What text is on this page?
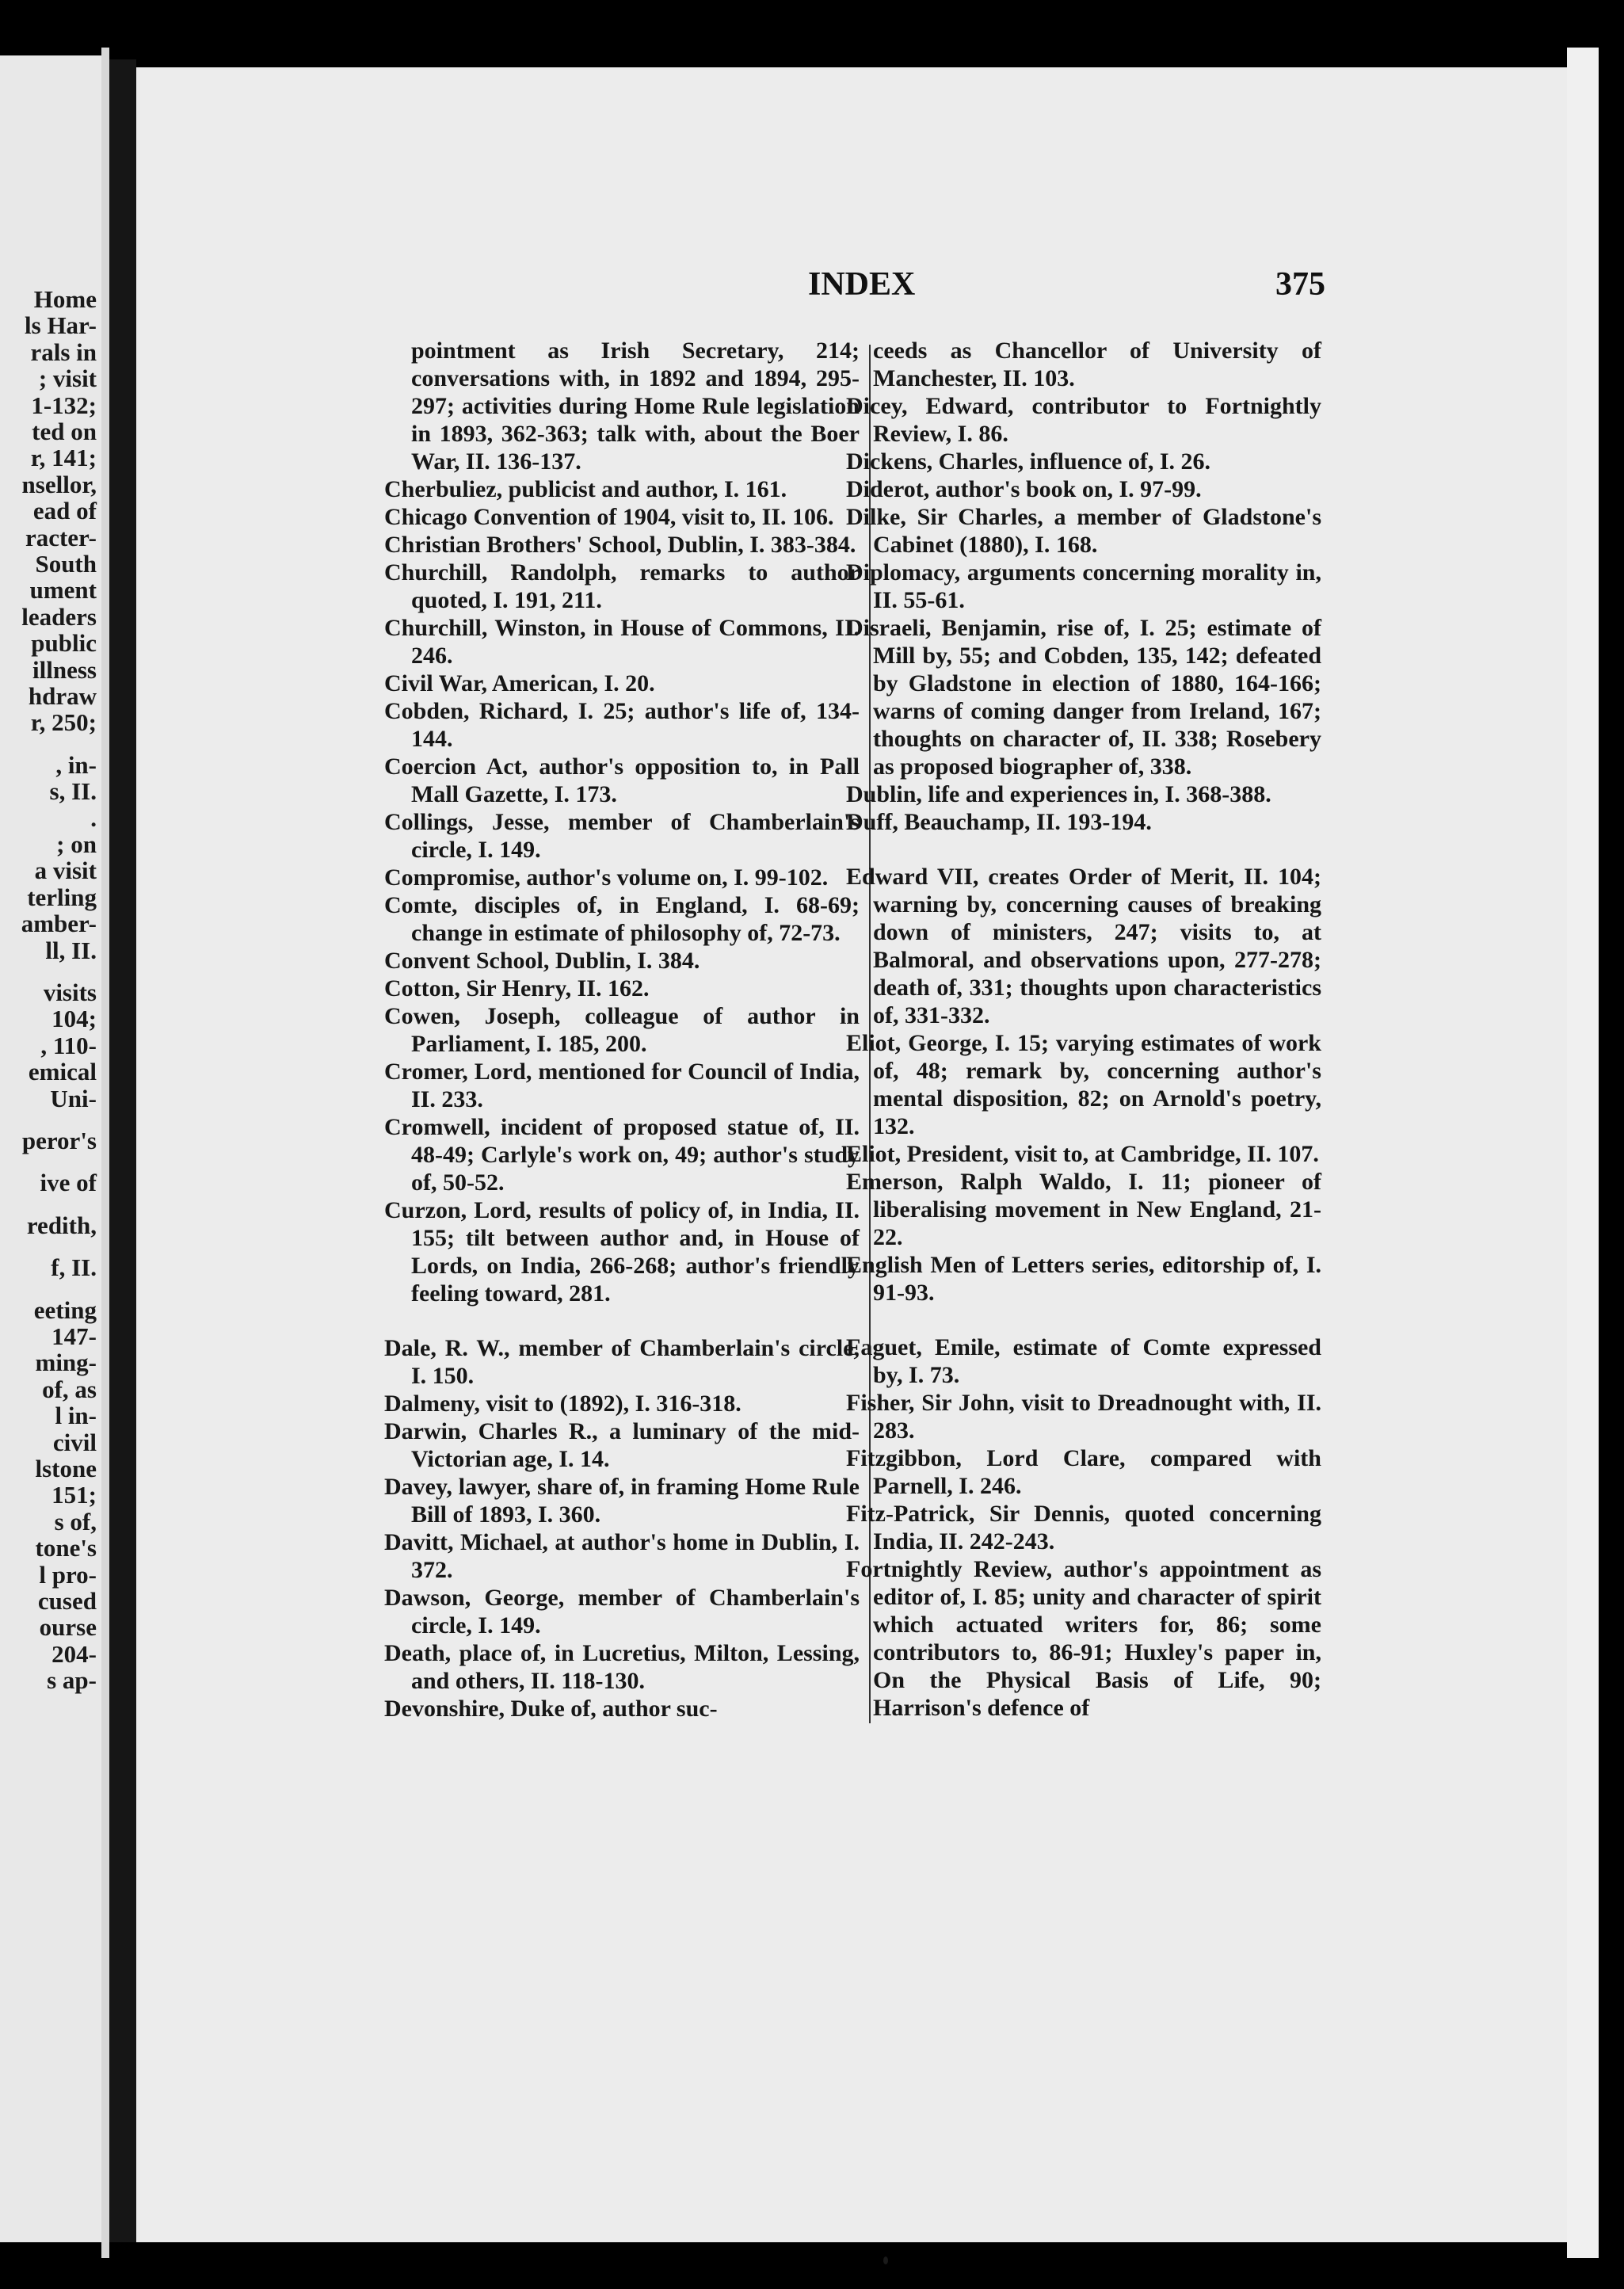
Home
ls Har-
rals in
; visit
1-132;
ted on
r, 141;
nsellor,
ead of
racter-
South
ument
leaders
public
illness
hdraw
r, 250;
, in-
s, II.
.
; on
a visit
terling
amber-
ll, II.
visits
104;
, 110-
emical
Uni-
peror's
ive of
redith,
f, II.
eeting
147-
ming-
of, as
l in-
civil
lstone
151;
s of,
tone's
l pro-
cused
ourse
204-
s ap-
INDEX	375
pointment as Irish Secretary, 214; conversations with, in 1892 and 1894, 295-297; activities during Home Rule legislation in 1893, 362-363; talk with, about the Boer War, II. 136-137.
Cherbuliez, publicist and author, I. 161.
Chicago Convention of 1904, visit to, II. 106.
Christian Brothers' School, Dublin, I. 383-384.
Churchill, Randolph, remarks to author quoted, I. 191, 211.
Churchill, Winston, in House of Commons, II. 246.
Civil War, American, I. 20.
Cobden, Richard, I. 25; author's life of, 134-144.
Coercion Act, author's opposition to, in Pall Mall Gazette, I. 173.
Collings, Jesse, member of Chamberlain's circle, I. 149.
Compromise, author's volume on, I. 99-102.
Comte, disciples of, in England, I. 68-69; change in estimate of philosophy of, 72-73.
Convent School, Dublin, I. 384.
Cotton, Sir Henry, II. 162.
Cowen, Joseph, colleague of author in Parliament, I. 185, 200.
Cromer, Lord, mentioned for Council of India, II. 233.
Cromwell, incident of proposed statue of, II. 48-49; Carlyle's work on, 49; author's study of, 50-52.
Curzon, Lord, results of policy of, in India, II. 155; tilt between author and, in House of Lords, on India, 266-268; author's friendly feeling toward, 281.
Dale, R. W., member of Chamberlain's circle, I. 150.
Dalmeny, visit to (1892), I. 316-318.
Darwin, Charles R., a luminary of the mid-Victorian age, I. 14.
Davey, lawyer, share of, in framing Home Rule Bill of 1893, I. 360.
Davitt, Michael, at author's home in Dublin, I. 372.
Dawson, George, member of Chamberlain's circle, I. 149.
Death, place of, in Lucretius, Milton, Lessing, and others, II. 118-130.
Devonshire, Duke of, author suc-
ceeds as Chancellor of University of Manchester, II. 103.
Dicey, Edward, contributor to Fortnightly Review, I. 86.
Dickens, Charles, influence of, I. 26.
Diderot, author's book on, I. 97-99.
Dilke, Sir Charles, a member of Gladstone's Cabinet (1880), I. 168.
Diplomacy, arguments concerning morality in, II. 55-61.
Disraeli, Benjamin, rise of, I. 25; estimate of Mill by, 55; and Cobden, 135, 142; defeated by Gladstone in election of 1880, 164-166; warns of coming danger from Ireland, 167; thoughts on character of, II. 338; Rosebery as proposed biographer of, 338.
Dublin, life and experiences in, I. 368-388.
Duff, Beauchamp, II. 193-194.
Edward VII, creates Order of Merit, II. 104; warning by, concerning causes of breaking down of ministers, 247; visits to, at Balmoral, and observations upon, 277-278; death of, 331; thoughts upon characteristics of, 331-332.
Eliot, George, I. 15; varying estimates of work of, 48; remark by, concerning author's mental disposition, 82; on Arnold's poetry, 132.
Eliot, President, visit to, at Cambridge, II. 107.
Emerson, Ralph Waldo, I. 11; pioneer of liberalising movement in New England, 21-22.
English Men of Letters series, editorship of, I. 91-93.
Faguet, Emile, estimate of Comte expressed by, I. 73.
Fisher, Sir John, visit to Dreadnought with, II. 283.
Fitzgibbon, Lord Clare, compared with Parnell, I. 246.
Fitz-Patrick, Sir Dennis, quoted concerning India, II. 242-243.
Fortnightly Review, author's appointment as editor of, I. 85; unity and character of spirit which actuated writers for, 86; some contributors to, 86-91; Huxley's paper in, On the Physical Basis of Life, 90; Harrison's defence of
